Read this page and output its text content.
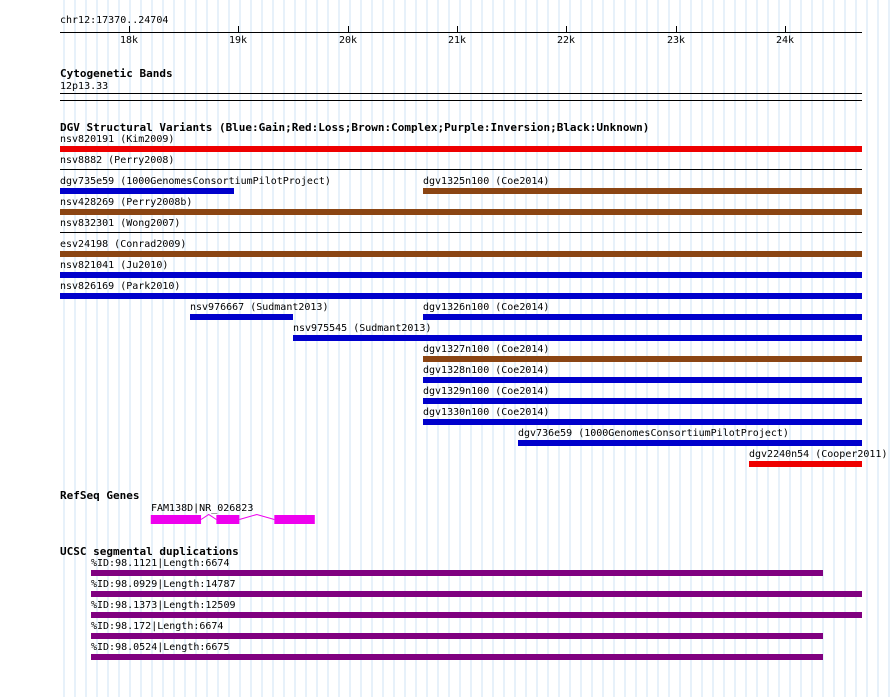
chr12:17370..24704
18k	19k	20k	21k	22k	23k	24k
Cytogenetic Bands
12p13.33
DGV Structural Variants (Blue:Gain;Red:Loss;Brown:Complex;Purple:Inversion;Black:Unknown)
nsv820191 (Kim2009)
nsv8882 (Perry2008)
dgv735e59 (1000GenomesConsortiumPilotProject)	dgv1325n100 (Coe2014)
nsv428269 (Perry2008b)
nsv832301 (Wong2007)
esv24198 (Conrad2009)
nsv821041 (Ju2010)
nsv826169 (Park2010)
nsv976667 (Sudmant2013)	dgv1326n100 (Coe2014)
nsv975545 (Sudmant2013)
dgv1327n100 (Coe2014)
dgv1328n100 (Coe2014)
dgv1329n100 (Coe2014)
dgv1330n100 (Coe2014)
dgv736e59 (1000GenomesConsortiumPilotProject)
dgv2240n54 (Cooper2011)
RefSeq Genes
FAM138D|NR_026823
UCSC segmental duplications
%ID:98.1121|Length:6674
%ID:98.0929|Length:14787
%ID:98.1373|Length:12509
%ID:98.172|Length:6674
%ID:98.0524|Length:6675
